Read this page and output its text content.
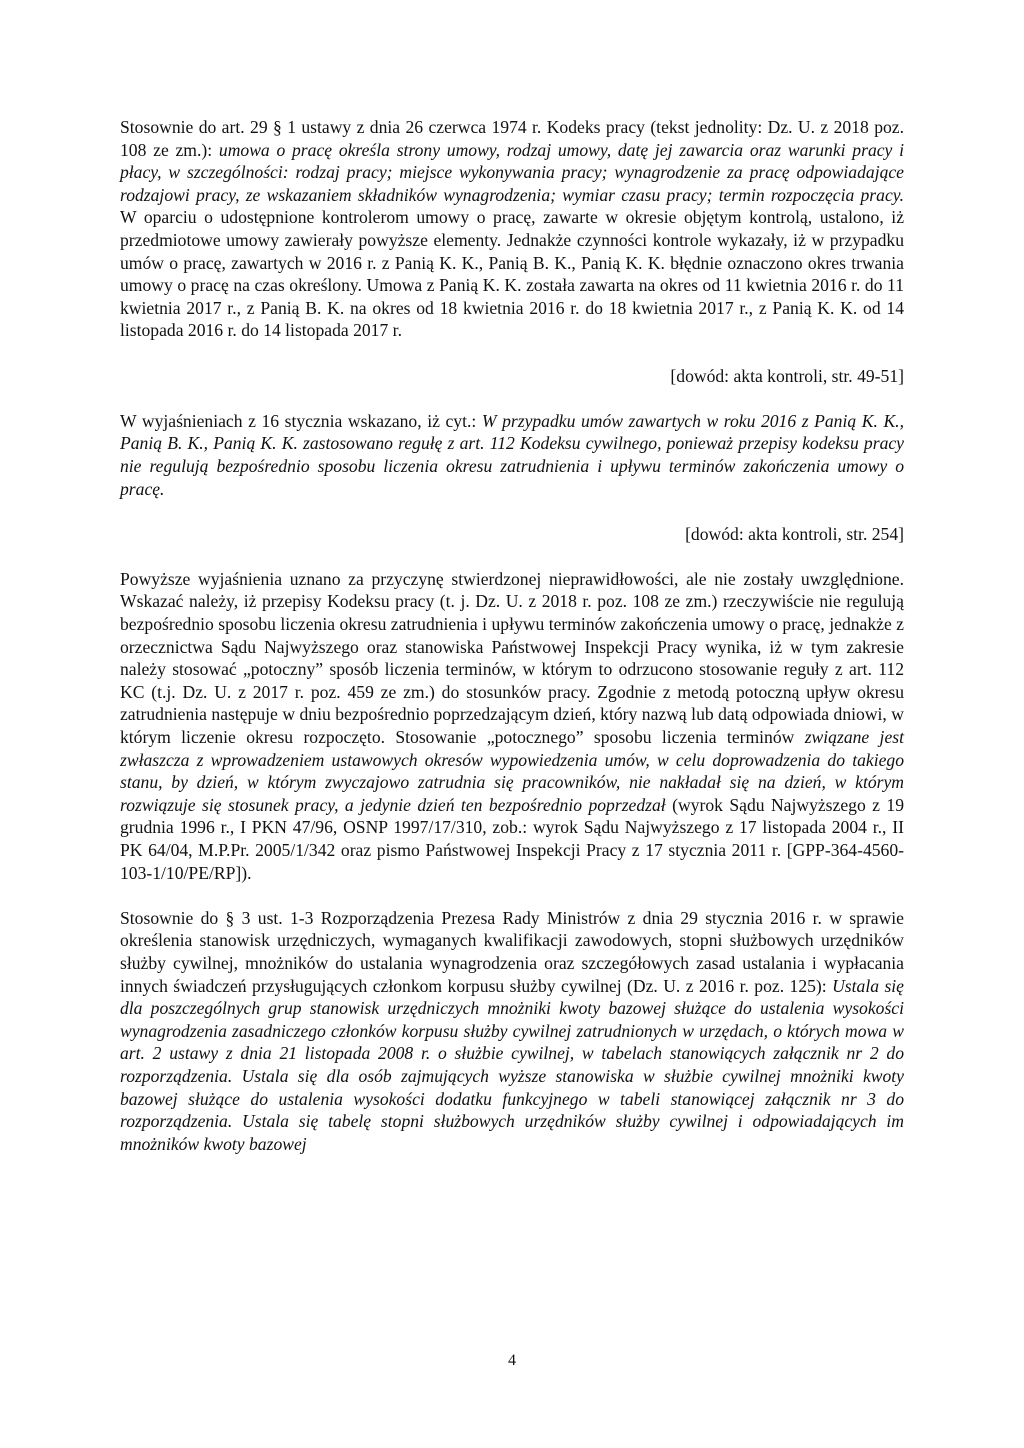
Stosownie do art. 29 § 1 ustawy z dnia 26 czerwca 1974 r. Kodeks pracy (tekst jednolity: Dz. U. z 2018 poz. 108 ze zm.): umowa o pracę określa strony umowy, rodzaj umowy, datę jej zawarcia oraz warunki pracy i płacy, w szczególności: rodzaj pracy; miejsce wykonywania pracy; wynagrodzenie za pracę odpowiadające rodzajowi pracy, ze wskazaniem składników wynagrodzenia; wymiar czasu pracy; termin rozpoczęcia pracy. W oparciu o udostępnione kontrolerom umowy o pracę, zawarte w okresie objętym kontrolą, ustalono, iż przedmiotowe umowy zawierały powyższe elementy. Jednakże czynności kontrole wykazały, iż w przypadku umów o pracę, zawartych w 2016 r. z Panią K. K., Panią B. K., Panią K. K. błędnie oznaczono okres trwania umowy o pracę na czas określony. Umowa z Panią K. K. została zawarta na okres od 11 kwietnia 2016 r. do 11 kwietnia 2017 r., z Panią B. K. na okres od 18 kwietnia 2016 r. do 18 kwietnia 2017 r., z Panią K. K. od 14 listopada 2016 r. do 14 listopada 2017 r.

[dowód: akta kontroli, str. 49-51]

W wyjaśnieniach z 16 stycznia wskazano, iż cyt.: W przypadku umów zawartych w roku 2016 z Panią K. K., Panią B. K., Panią K. K. zastosowano regułę z art. 112 Kodeksu cywilnego, ponieważ przepisy kodeksu pracy nie regulują bezpośrednio sposobu liczenia okresu zatrudnienia i upływu terminów zakończenia umowy o pracę.

[dowód: akta kontroli, str. 254]

Powyższe wyjaśnienia uznano za przyczynę stwierdzonej nieprawidłowości, ale nie zostały uwzględnione. Wskazać należy, iż przepisy Kodeksu pracy (t. j. Dz. U. z 2018 r. poz. 108 ze zm.) rzeczywiście nie regulują bezpośrednio sposobu liczenia okresu zatrudnienia i upływu terminów zakończenia umowy o pracę, jednakże z orzecznictwa Sądu Najwyższego oraz stanowiska Państwowej Inspekcji Pracy wynika, iż w tym zakresie należy stosować „potoczny” sposób liczenia terminów, w którym to odrzucono stosowanie reguły z art. 112 KC (t.j. Dz. U. z 2017 r. poz. 459 ze zm.) do stosunków pracy. Zgodnie z metodą potoczną upływ okresu zatrudnienia następuje w dniu bezpośrednio poprzedzającym dzień, który nazwą lub datą odpowiada dniowi, w którym liczenie okresu rozpoczęto. Stosowanie „potocznego” sposobu liczenia terminów związane jest zwłaszcza z wprowadzeniem ustawowych okresów wypowiedzenia umów, w celu doprowadzenia do takiego stanu, by dzień, w którym zwyczajowo zatrudnia się pracowników, nie nakładał się na dzień, w którym rozwiązuje się stosunek pracy, a jedynie dzień ten bezpośrednio poprzedzał (wyrok Sądu Najwyższego z 19 grudnia 1996 r., I PKN 47/96, OSNP 1997/17/310, zob.: wyrok Sądu Najwyższego z 17 listopada 2004 r., II PK 64/04, M.P.Pr. 2005/1/342 oraz pismo Państwowej Inspekcji Pracy z 17 stycznia 2011 r. [GPP-364-4560-103-1/10/PE/RP]).

Stosownie do § 3 ust. 1-3 Rozporządzenia Prezesa Rady Ministrów z dnia 29 stycznia 2016 r. w sprawie określenia stanowisk urzędniczych, wymaganych kwalifikacji zawodowych, stopni służbowych urzędników służby cywilnej, mnożników do ustalania wynagrodzenia oraz szczegółowych zasad ustalania i wypłacania innych świadczeń przysługujących członkom korpusu służby cywilnej (Dz. U. z 2016 r. poz. 125): Ustala się dla poszczególnych grup stanowisk urzędniczych mnożniki kwoty bazowej służące do ustalenia wysokości wynagrodzenia zasadniczego członków korpusu służby cywilnej zatrudnionych w urzędach, o których mowa w art. 2 ustawy z dnia 21 listopada 2008 r. o służbie cywilnej, w tabelach stanowiących załącznik nr 2 do rozporządzenia. Ustala się dla osób zajmujących wyższe stanowiska w służbie cywilnej mnożniki kwoty bazowej służące do ustalenia wysokości dodatku funkcyjnego w tabeli stanowiącej załącznik nr 3 do rozporządzenia. Ustala się tabelę stopni służbowych urzędników służby cywilnej i odpowiadających im mnożników kwoty bazowej

4
